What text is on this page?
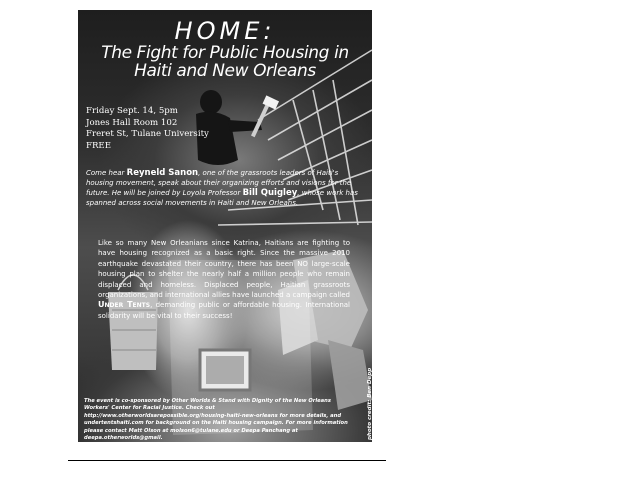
HOME:
The Fight for Public Housing in
Haiti and New Orleans
Friday Sept. 14, 5pm
Jones Hall Room 102
Freret St, Tulane University
FREE
Come hear Reyneld Sanon, one of the grassroots leaders of Haiti's housing movement, speak about their organizing efforts and visions for the future. He will be joined by Loyola Professor Bill Quigley, whose work has spanned across social movements in Haiti and New Orleans.
Like so many New Orleanians since Katrina, Haitians are fighting to have housing recognized as a basic right. Since the massive 2010 earthquake devastated their country, there has been NO large-scale housing plan to shelter the nearly half a million people who remain displaced and homeless. Displaced people, Haitian grassroots organizations, and international allies have launched a campaign called Under Tents, demanding public or affordable housing. International solidarity will be vital to their success!
The event is co-sponsored by Other Worlds & Stand with Dignity of the New Orleans Workers' Center for Racial Justice. Check out http://www.otherworldsarepossible.org/housing-haiti-new-orleans for more details, and undertentshaiti.com for background on the Haiti housing campaign. For more information please contact Matt Olson at molson6@tulane.edu or Deepa Panchang at deepa.otherworlds@gmail.	photo credit: Ben Depp
